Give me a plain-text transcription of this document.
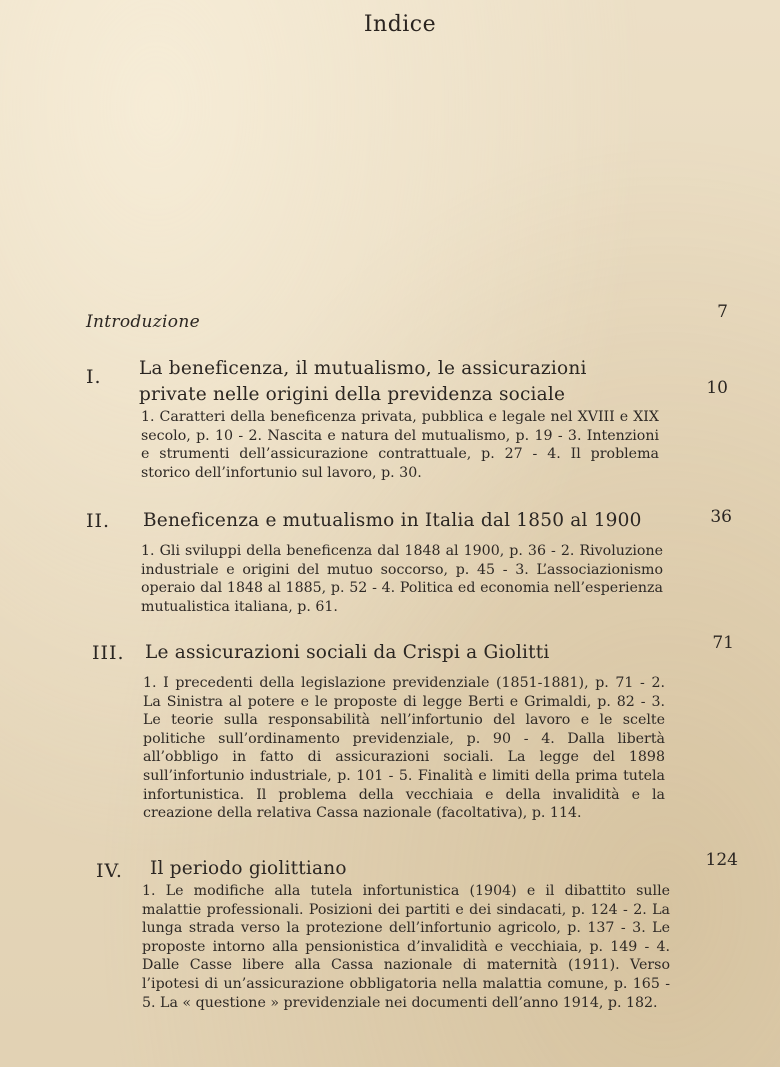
Indice
Introduzione	7
I. La beneficenza, il mutualismo, le assicurazioni private nelle origini della previdenza sociale
1. Caratteri della beneficenza privata, pubblica e legale nel XVIII e XIX secolo, p. 10 - 2. Nascita e natura del mutualismo, p. 19 - 3. Intenzioni e strumenti dell’assicurazione contrattuale, p. 27 - 4. Il problema storico dell’infortunio sul lavoro, p. 30.
10
II. Beneficenza e mutualismo in Italia dal 1850 al 1900
1. Gli sviluppi della beneficenza dal 1848 al 1900, p. 36 - 2. Rivoluzione industriale e origini del mutuo soccorso, p. 45 - 3. L’associazionismo operaio dal 1848 al 1885, p. 52 - 4. Politica ed economia nell’esperienza mutualistica italiana, p. 61.
36
III. Le assicurazioni sociali da Crispi a Giolitti
1. I precedenti della legislazione previdenziale (1851-1881), p. 71 - 2. La Sinistra al potere e le proposte di legge Berti e Grimaldi, p. 82 - 3. Le teorie sulla responsabilità nell’infortunio del lavoro e le scelte politiche sull’ordinamento previdenziale, p. 90 - 4. Dalla libertà all’obbligo in fatto di assicurazioni sociali. La legge del 1898 sull’infortunio industriale, p. 101 - 5. Finalità e limiti della prima tutela infortunistica. Il problema della vecchiaia e della invalidità e la creazione della relativa Cassa nazionale (facoltativa), p. 114.
71
IV. Il periodo giolittiano
1. Le modifiche alla tutela infortunistica (1904) e il dibattito sulle malattie professionali. Posizioni dei partiti e dei sindacati, p. 124 - 2. La lunga strada verso la protezione dell’infortunio agricolo, p. 137 - 3. Le proposte intorno alla pensionistica d’invalidità e vecchiaia, p. 149 - 4. Dalle Casse libere alla Cassa nazionale di maternità (1911). Verso l’ipotesi di un’assicurazione obbligatoria nella malattia comune, p. 165 - 5. La « questione » previdenziale nei documenti dell’anno 1914, p. 182.
124
